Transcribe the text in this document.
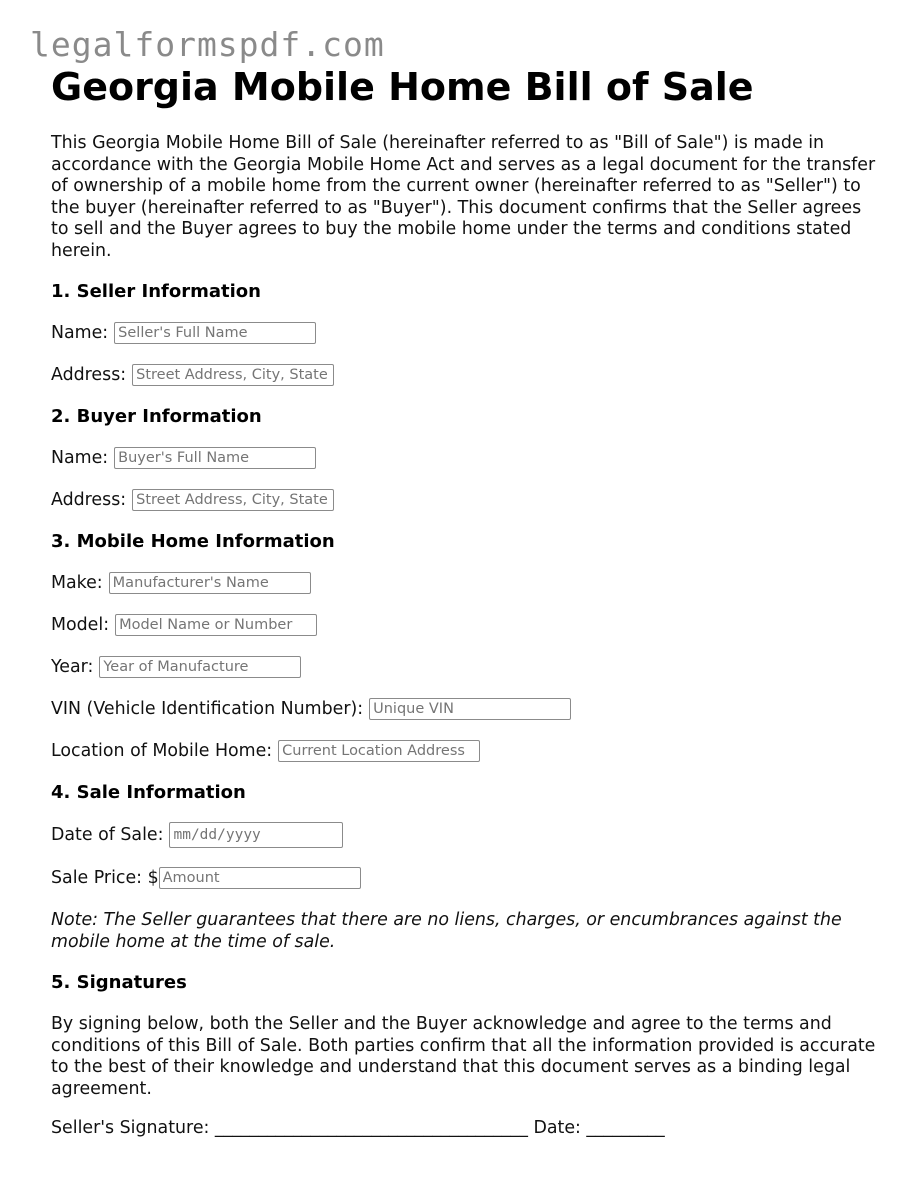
legalformspdf.com
Georgia Mobile Home Bill of Sale

This Georgia Mobile Home Bill of Sale (hereinafter referred to as "Bill of Sale") is made in accordance with the Georgia Mobile Home Act and serves as a legal document for the transfer of ownership of a mobile home from the current owner (hereinafter referred to as "Seller") to the buyer (hereinafter referred to as "Buyer"). This document confirms that the Seller agrees to sell and the Buyer agrees to buy the mobile home under the terms and conditions stated herein.

1. Seller Information
Name:
Seller's Full Name
Address:
Street Address, City, State
2. Buyer Information
Name:
Buyer's Full Name
Address:
Street Address, City, State
3. Mobile Home Information
Make:
Manufacturer's Name
Model:
Model Name or Number
Year:
Year of Manufacture
VIN (Vehicle Identification Number):
Unique VIN
Location of Mobile Home:
Current Location Address
4. Sale Information
Date of Sale:
mm/dd/yyyy
Sale Price: $
Amount
Note: The Seller guarantees that there are no liens, charges, or encumbrances against the mobile home at the time of sale.
5. Signatures
By signing below, both the Seller and the Buyer acknowledge and agree to the terms and conditions of this Bill of Sale. Both parties confirm that all the information provided is accurate to the best of their knowledge and understand that this document serves as a binding legal agreement.
Seller's Signature: ____________________________________ Date: _________
